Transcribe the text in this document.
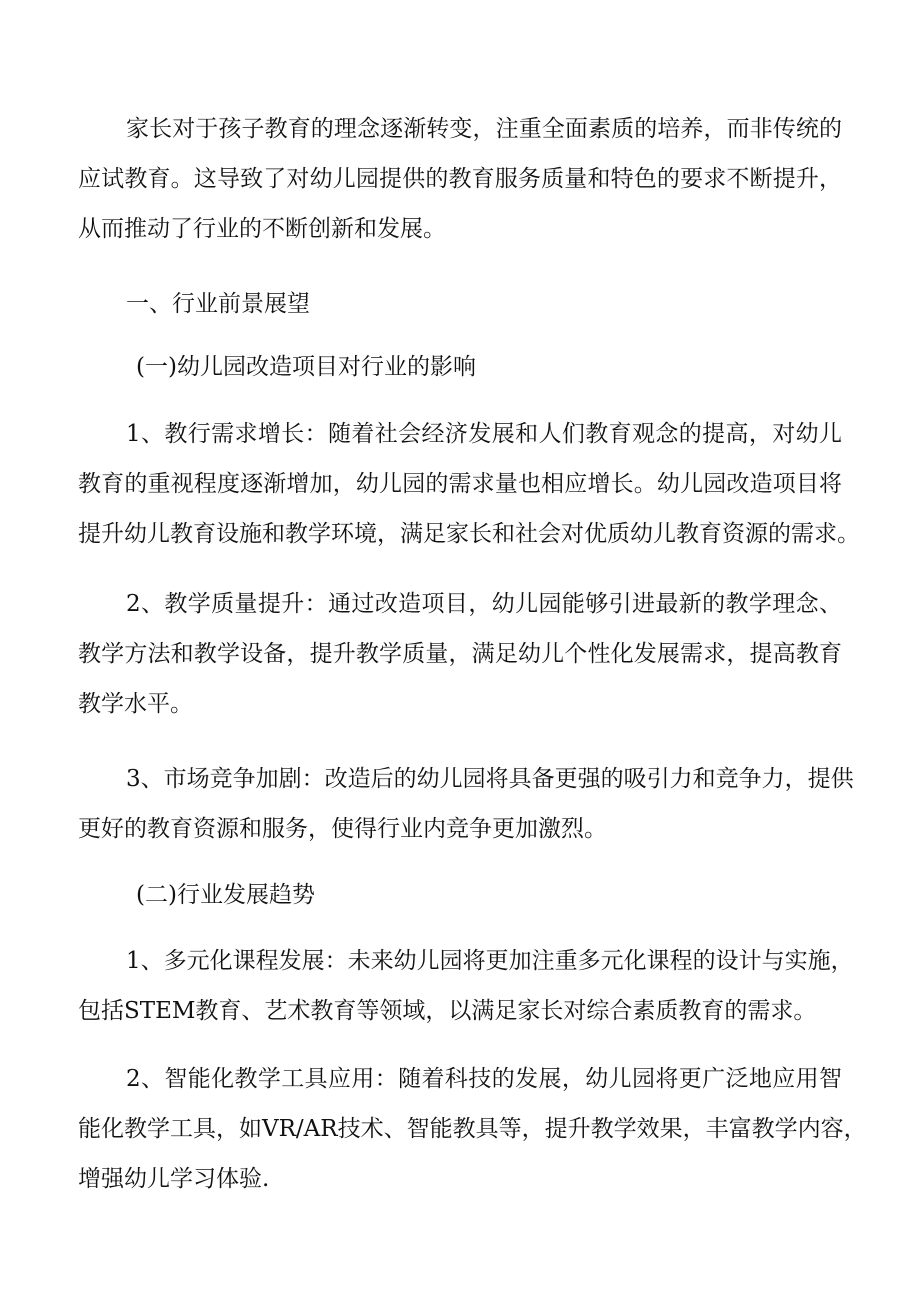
家长对于孩子教育的理念逐渐转变，注重全面素质的培养，而非传统的
应试教育。这导致了对幼儿园提供的教育服务质量和特色的要求不断提升，
从而推动了行业的不断创新和发展。
一、行业前景展望
(一)幼儿园改造项目对行业的影响
1、教行需求增长：随着社会经济发展和人们教育观念的提高，对幼儿
教育的重视程度逐渐增加，幼儿园的需求量也相应增长。幼儿园改造项目将
提升幼儿教育设施和教学环境，满足家长和社会对优质幼儿教育资源的需求。
2、教学质量提升：通过改造项目，幼儿园能够引进最新的教学理念、
教学方法和教学设备，提升教学质量，满足幼儿个性化发展需求，提高教育
教学水平。
3、市场竞争加剧：改造后的幼儿园将具备更强的吸引力和竞争力，提供
更好的教育资源和服务，使得行业内竞争更加激烈。
(二)行业发展趋势
1、多元化课程发展：未来幼儿园将更加注重多元化课程的设计与实施，
包括STEM教育、艺术教育等领域，以满足家长对综合素质教育的需求。
2、智能化教学工具应用：随着科技的发展，幼儿园将更广泛地应用智
能化教学工具，如VR/AR技术、智能教具等，提升教学效果，丰富教学内容，
增强幼儿学习体验.
